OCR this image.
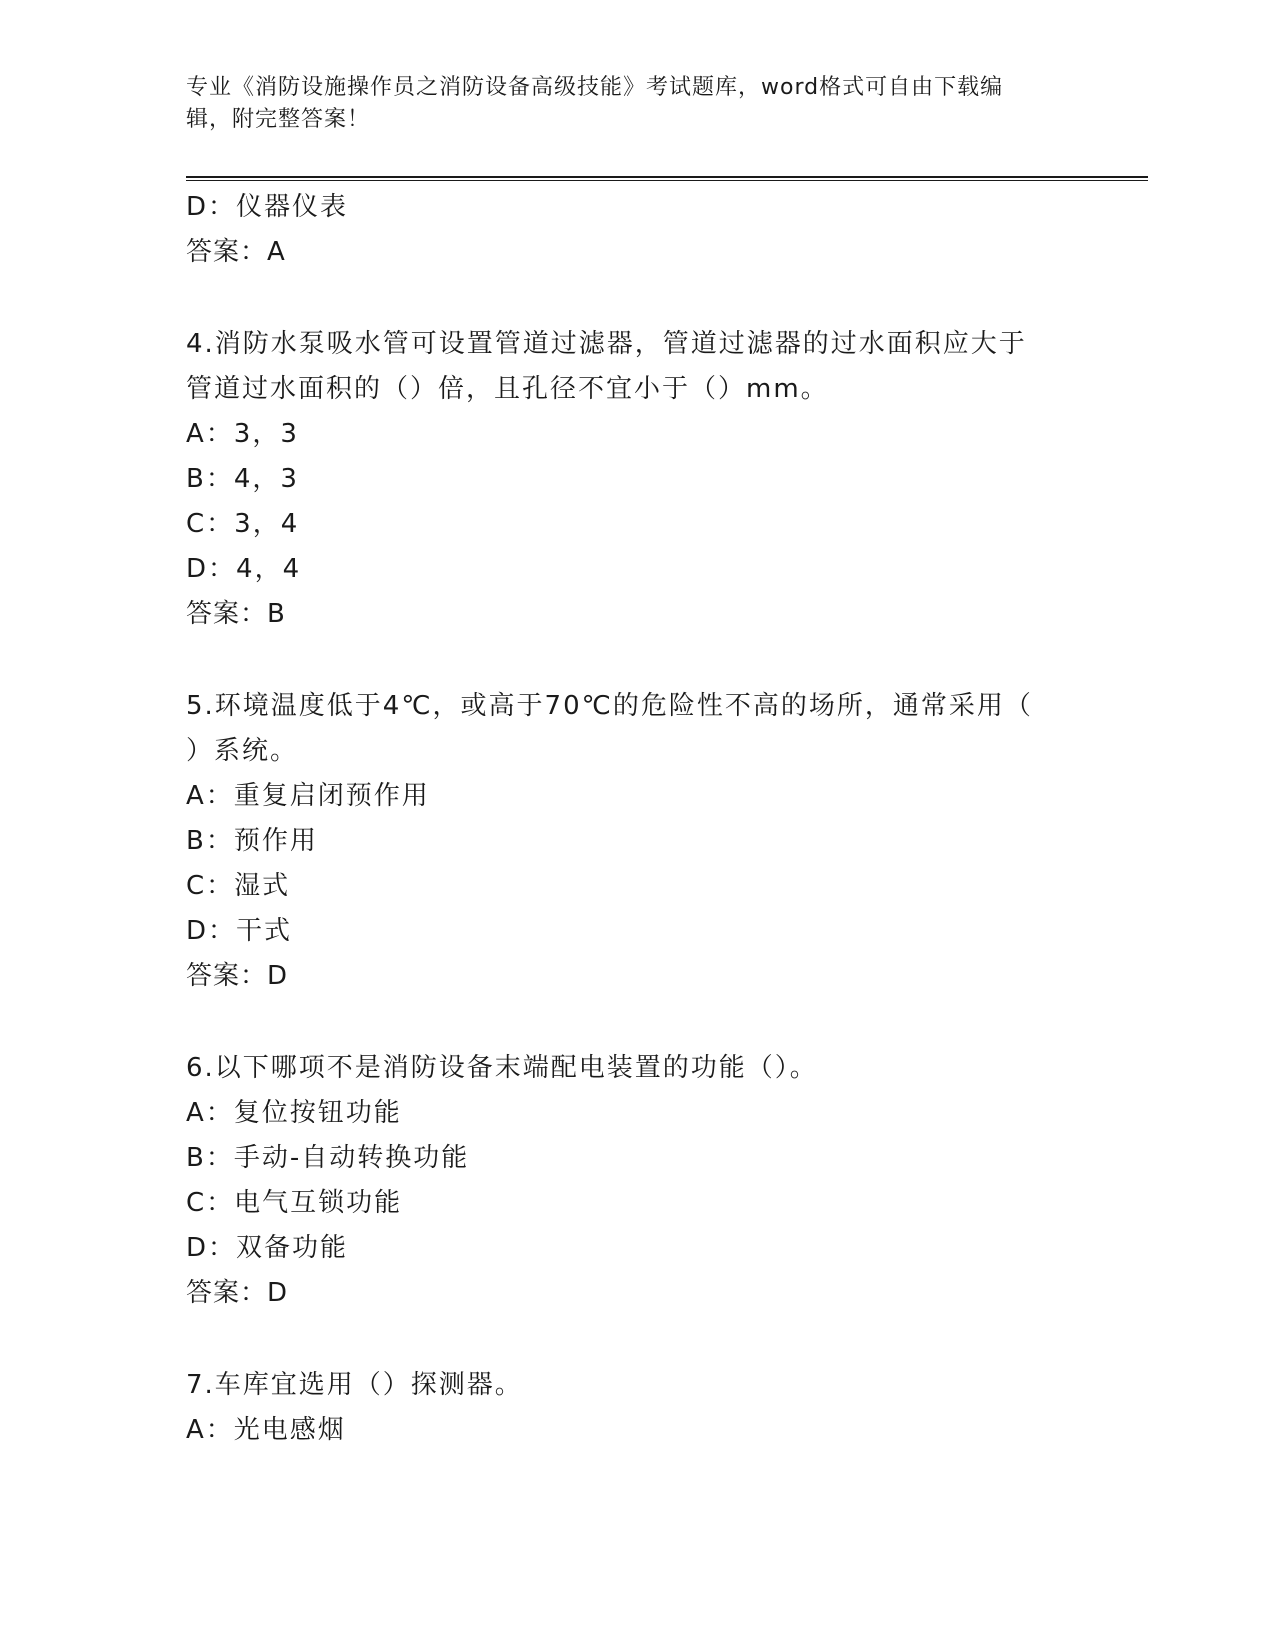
专业《消防设施操作员之消防设备高级技能》考试题库，word格式可自由下载编
辑，附完整答案！
D：仪器仪表
答案：A
4.消防水泵吸水管可设置管道过滤器，管道过滤器的过水面积应大于
管道过水面积的（）倍，且孔径不宜小于（）mm。
A：3，3
B：4，3
C：3，4
D：4，4
答案：B
5.环境温度低于4℃，或高于70℃的危险性不高的场所，通常采用（
）系统。
A：重复启闭预作用
B：预作用
C：湿式
D：干式
答案：D
6.以下哪项不是消防设备末端配电装置的功能（）。
A：复位按钮功能
B：手动-自动转换功能
C：电气互锁功能
D：双备功能
答案：D
7.车库宜选用（）探测器。
A：光电感烟
